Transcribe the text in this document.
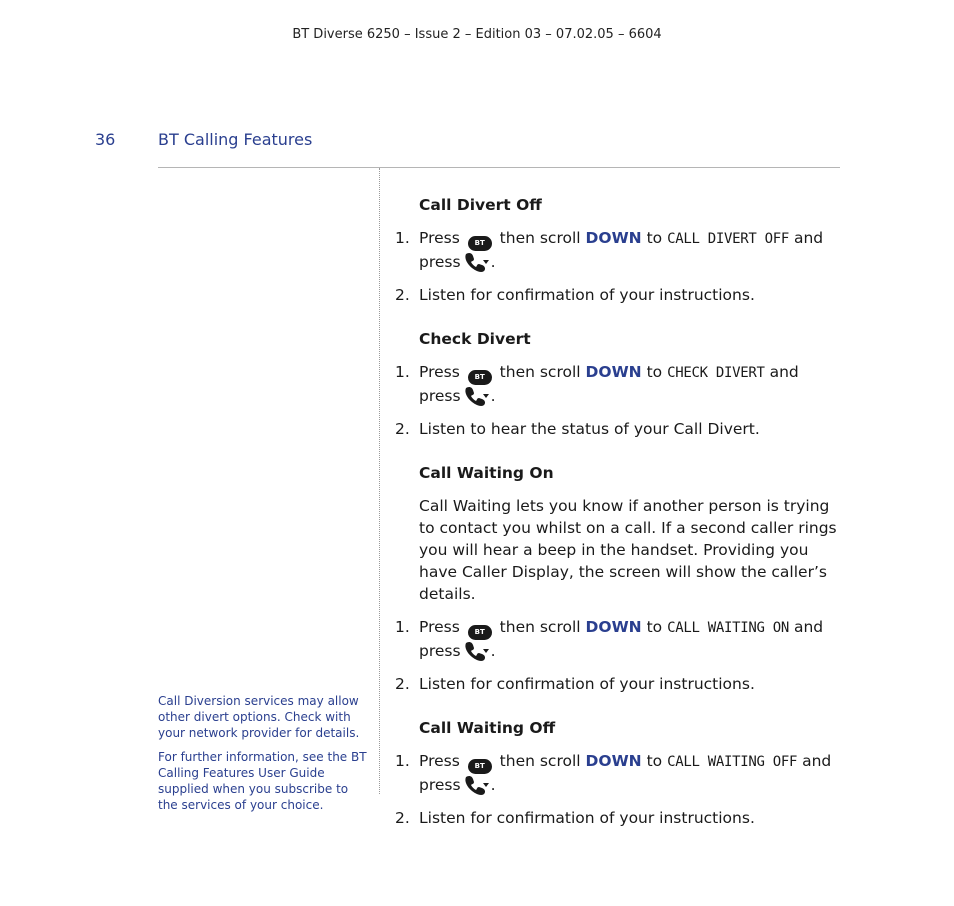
BT Diverse 6250 – Issue 2 – Edition 03 – 07.02.05 – 6604
36	BT Calling Features

Call Diversion services may allow other divert options. Check with your network provider for details.

For further information, see the BT Calling Features User Guide supplied when you subscribe to the services of your choice.

Call Divert Off
1. Press BT then scroll DOWN to CALL DIVERT OFF and press .
2. Listen for confirmation of your instructions.
Check Divert
1. Press BT then scroll DOWN to CHECK DIVERT and press .
2. Listen to hear the status of your Call Divert.
Call Waiting On

Call Waiting lets you know if another person is trying to contact you whilst on a call. If a second caller rings you will hear a beep in the handset. Providing you have Caller Display, the screen will show the caller’s details.

1. Press BT then scroll DOWN to CALL WAITING ON and press .
2. Listen for confirmation of your instructions.
Call Waiting Off
1. Press BT then scroll DOWN to CALL WAITING OFF and press .
2. Listen for confirmation of your instructions.
